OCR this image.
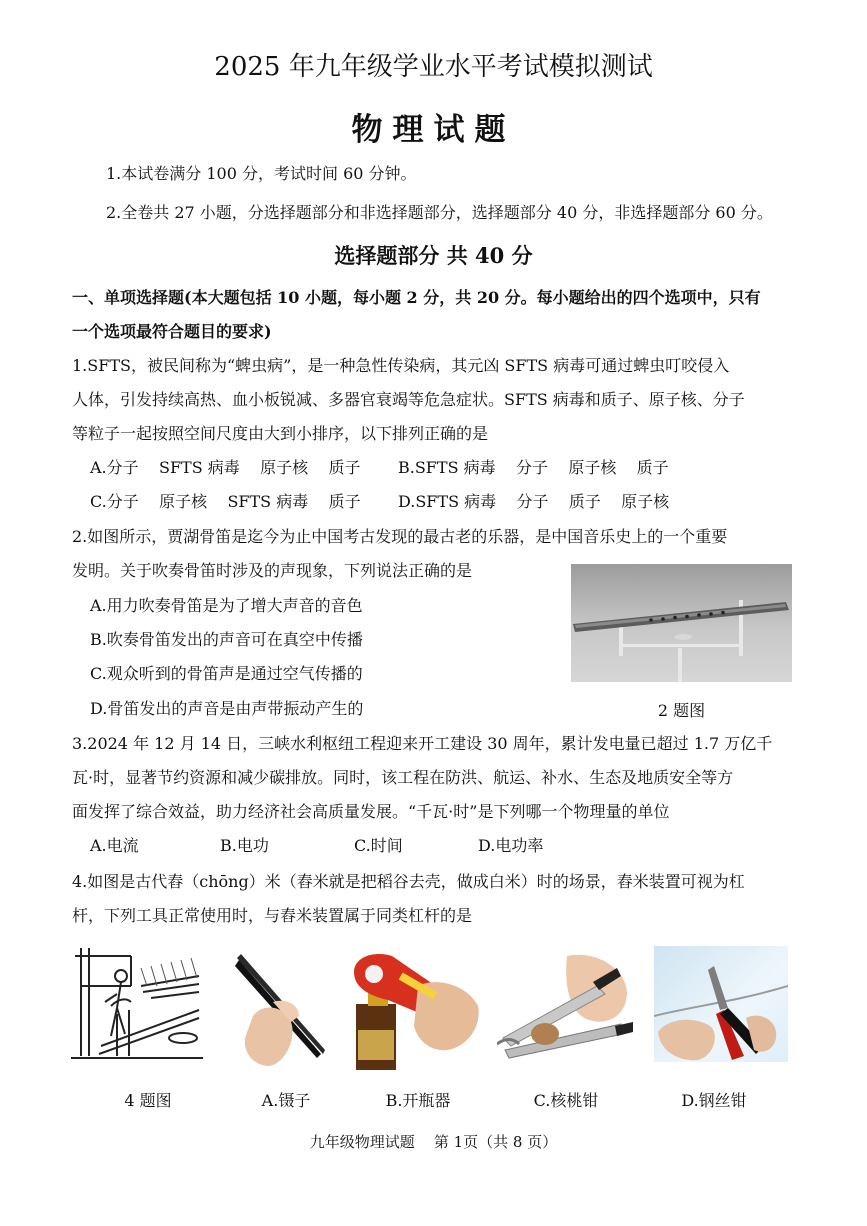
2025 年九年级学业水平考试模拟测试
物理试题
1.本试卷满分 100 分，考试时间 60 分钟。
2.全卷共 27 小题，分选择题部分和非选择题部分，选择题部分 40 分，非选择题部分 60 分。
选择题部分 共 40 分
一、单项选择题(本大题包括 10 小题，每小题 2 分，共 20 分。每小题给出的四个选项中，只有
一个选项最符合题目的要求)
1.SFTS，被民间称为“蜱虫病”，是一种急性传染病，其元凶 SFTS 病毒可通过蜱虫叮咬侵入
人体，引发持续高热、血小板锐减、多器官衰竭等危急症状。SFTS 病毒和质子、原子核、分子
等粒子一起按照空间尺度由大到小排序，以下排列正确的是
A.分子    SFTS 病毒    原子核    质子 B.SFTS 病毒    分子    原子核    质子
C.分子    原子核    SFTS 病毒    质子 D.SFTS 病毒    分子    质子    原子核
2.如图所示，贾湖骨笛是迄今为止中国考古发现的最古老的乐器，是中国音乐史上的一个重要
发明。关于吹奏骨笛时涉及的声现象，下列说法正确的是
A.用力吹奏骨笛是为了增大声音的音色
B.吹奏骨笛发出的声音可在真空中传播
C.观众听到的骨笛声是通过空气传播的
D.骨笛发出的声音是由声带振动产生的	2 题图
3.2024 年 12 月 14 日，三峡水利枢纽工程迎来开工建设 30 周年，累计发电量已超过 1.7 万亿千
瓦·时，显著节约资源和减少碳排放。同时，该工程在防洪、航运、补水、生态及地质安全等方
面发挥了综合效益，助力经济社会高质量发展。“千瓦·时”是下列哪一个物理量的单位
A.电流	B.电功	C.时间	D.电功率
4.如图是古代舂（chōng）米（舂米就是把稻谷去壳，做成白米）时的场景，舂米装置可视为杠
杆，下列工具正常使用时，与舂米装置属于同类杠杆的是
4 题图	A.镊子	B.开瓶器	C.核桃钳	D.钢丝钳
九年级物理试题    第 1页（共 8 页）
